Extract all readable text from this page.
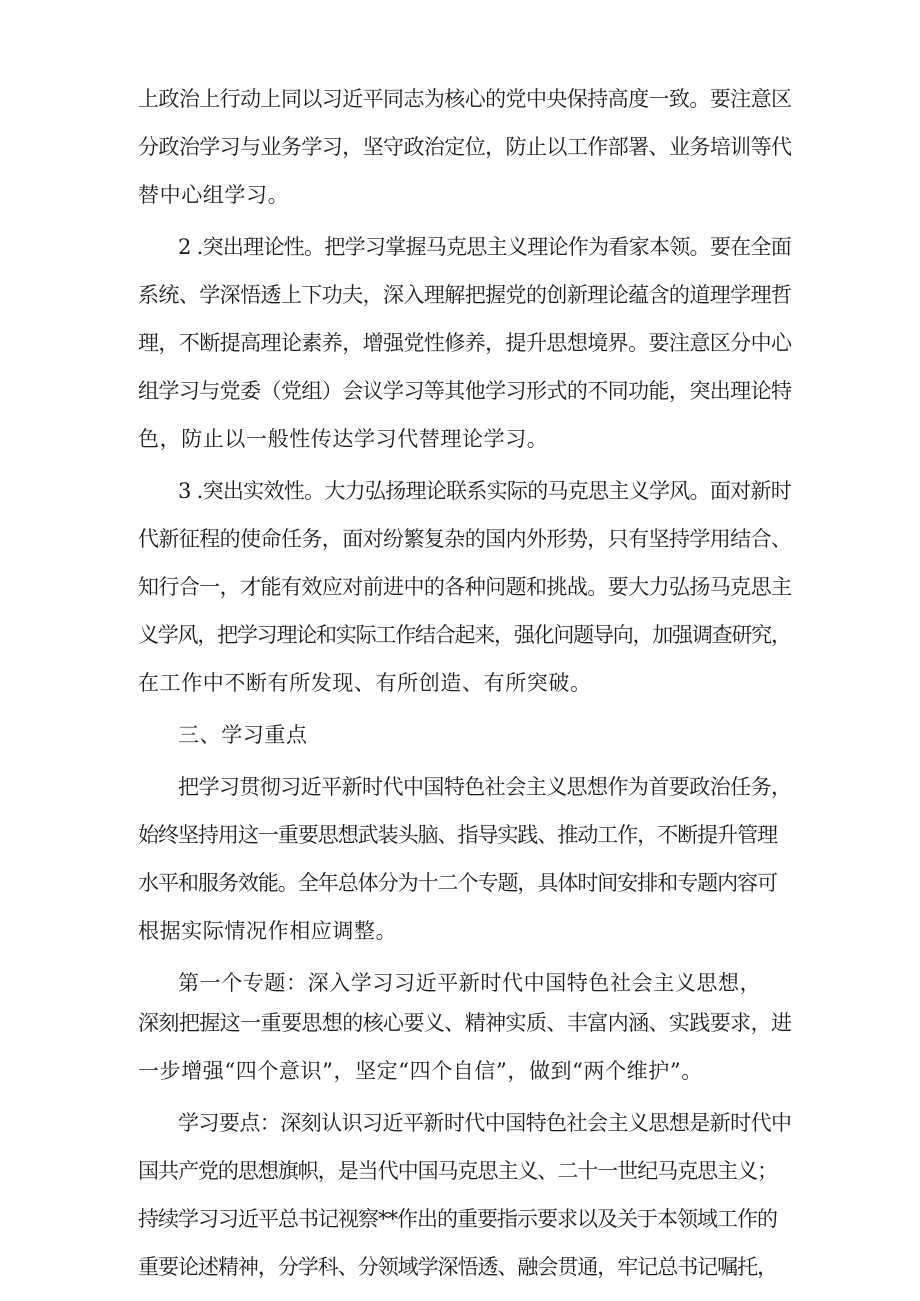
上政治上行动上同以习近平同志为核心的党中央保持高度一致。要注意区
分政治学习与业务学习，坚守政治定位，防止以工作部署、业务培训等代
替中心组学习。
2 .突出理论性。把学习掌握马克思主义理论作为看家本领。要在全面
系统、学深悟透上下功夫，深入理解把握党的创新理论蕴含的道理学理哲
理，不断提高理论素养，增强党性修养，提升思想境界。要注意区分中心
组学习与党委（党组）会议学习等其他学习形式的不同功能，突出理论特
色，防止以一般性传达学习代替理论学习。
3 .突出实效性。大力弘扬理论联系实际的马克思主义学风。面对新时
代新征程的使命任务，面对纷繁复杂的国内外形势，只有坚持学用结合、
知行合一，才能有效应对前进中的各种问题和挑战。要大力弘扬马克思主
义学风，把学习理论和实际工作结合起来，强化问题导向，加强调查研究，
在工作中不断有所发现、有所创造、有所突破。
三、学习重点
把学习贯彻习近平新时代中国特色社会主义思想作为首要政治任务，
始终坚持用这一重要思想武装头脑、指导实践、推动工作，不断提升管理
水平和服务效能。全年总体分为十二个专题，具体时间安排和专题内容可
根据实际情况作相应调整。
第一个专题：深入学习习近平新时代中国特色社会主义思想，
深刻把握这一重要思想的核心要义、精神实质、丰富内涵、实践要求，进
一步增强“四个意识”，坚定“四个自信”，做到“两个维护”。
学习要点：深刻认识习近平新时代中国特色社会主义思想是新时代中
国共产党的思想旗帜，是当代中国马克思主义、二十一世纪马克思主义；
持续学习习近平总书记视察**作出的重要指示要求以及关于本领域工作的
重要论述精神，分学科、分领域学深悟透、融会贯通，牢记总书记嘱托，
